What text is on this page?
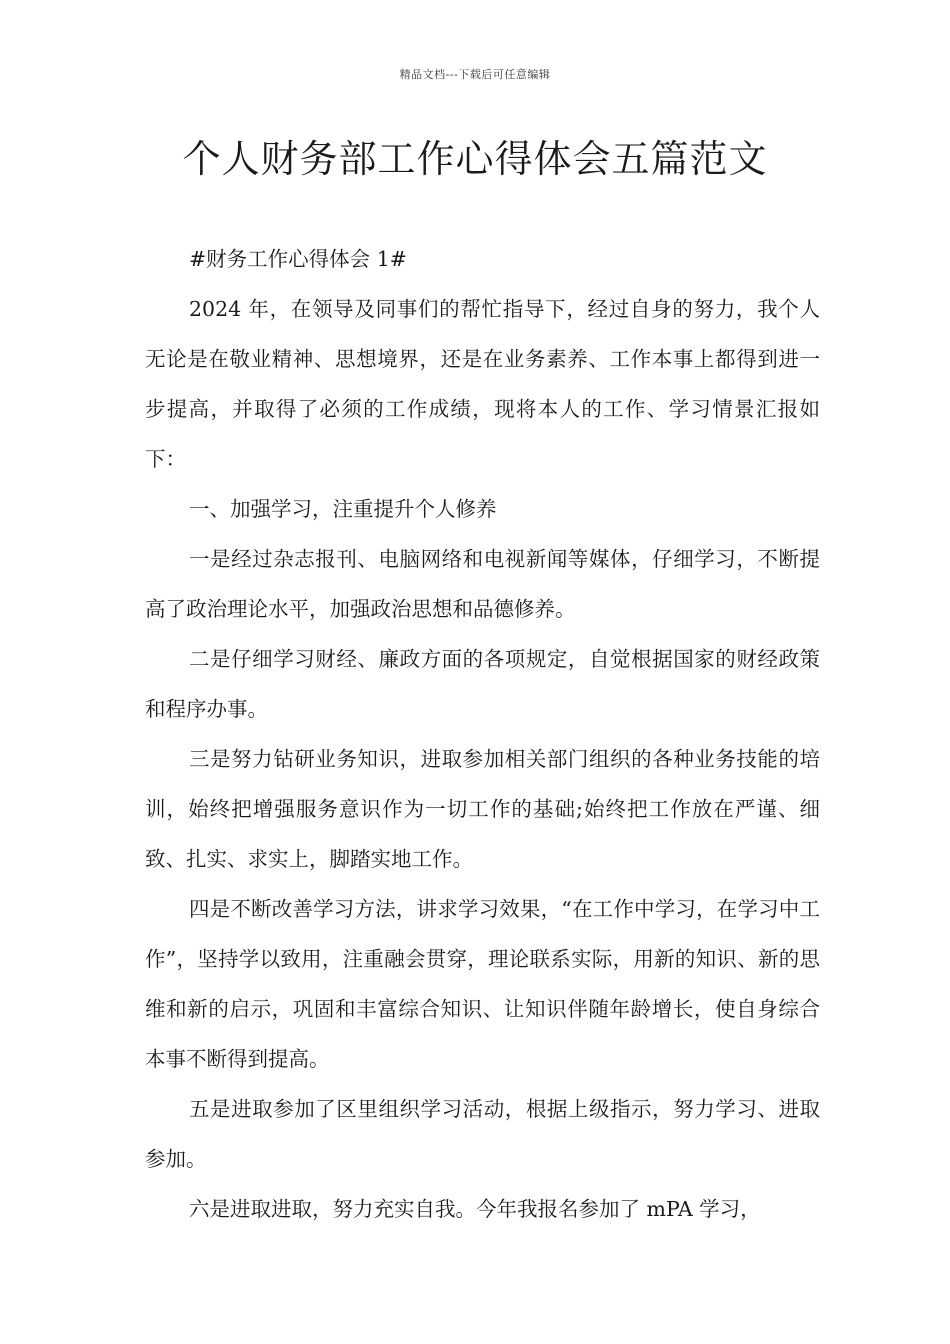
精品文档---下载后可任意编辑
个人财务部工作心得体会五篇范文

#财务工作心得体会 1#

2024 年，在领导及同事们的帮忙指导下，经过自身的努力，我个人无论是在敬业精神、思想境界，还是在业务素养、工作本事上都得到进一步提高，并取得了必须的工作成绩，现将本人的工作、学习情景汇报如下：

一、加强学习，注重提升个人修养

一是经过杂志报刊、电脑网络和电视新闻等媒体，仔细学习，不断提高了政治理论水平，加强政治思想和品德修养。

二是仔细学习财经、廉政方面的各项规定，自觉根据国家的财经政策和程序办事。

三是努力钻研业务知识，进取参加相关部门组织的各种业务技能的培训，始终把增强服务意识作为一切工作的基础;始终把工作放在严谨、细致、扎实、求实上，脚踏实地工作。

四是不断改善学习方法，讲求学习效果，“在工作中学习，在学习中工作”，坚持学以致用，注重融会贯穿，理论联系实际，用新的知识、新的思维和新的启示，巩固和丰富综合知识、让知识伴随年龄增长，使自身综合本事不断得到提高。

五是进取参加了区里组织学习活动，根据上级指示，努力学习、进取参加。

六是进取进取，努力充实自我。今年我报名参加了 mPA 学习，
